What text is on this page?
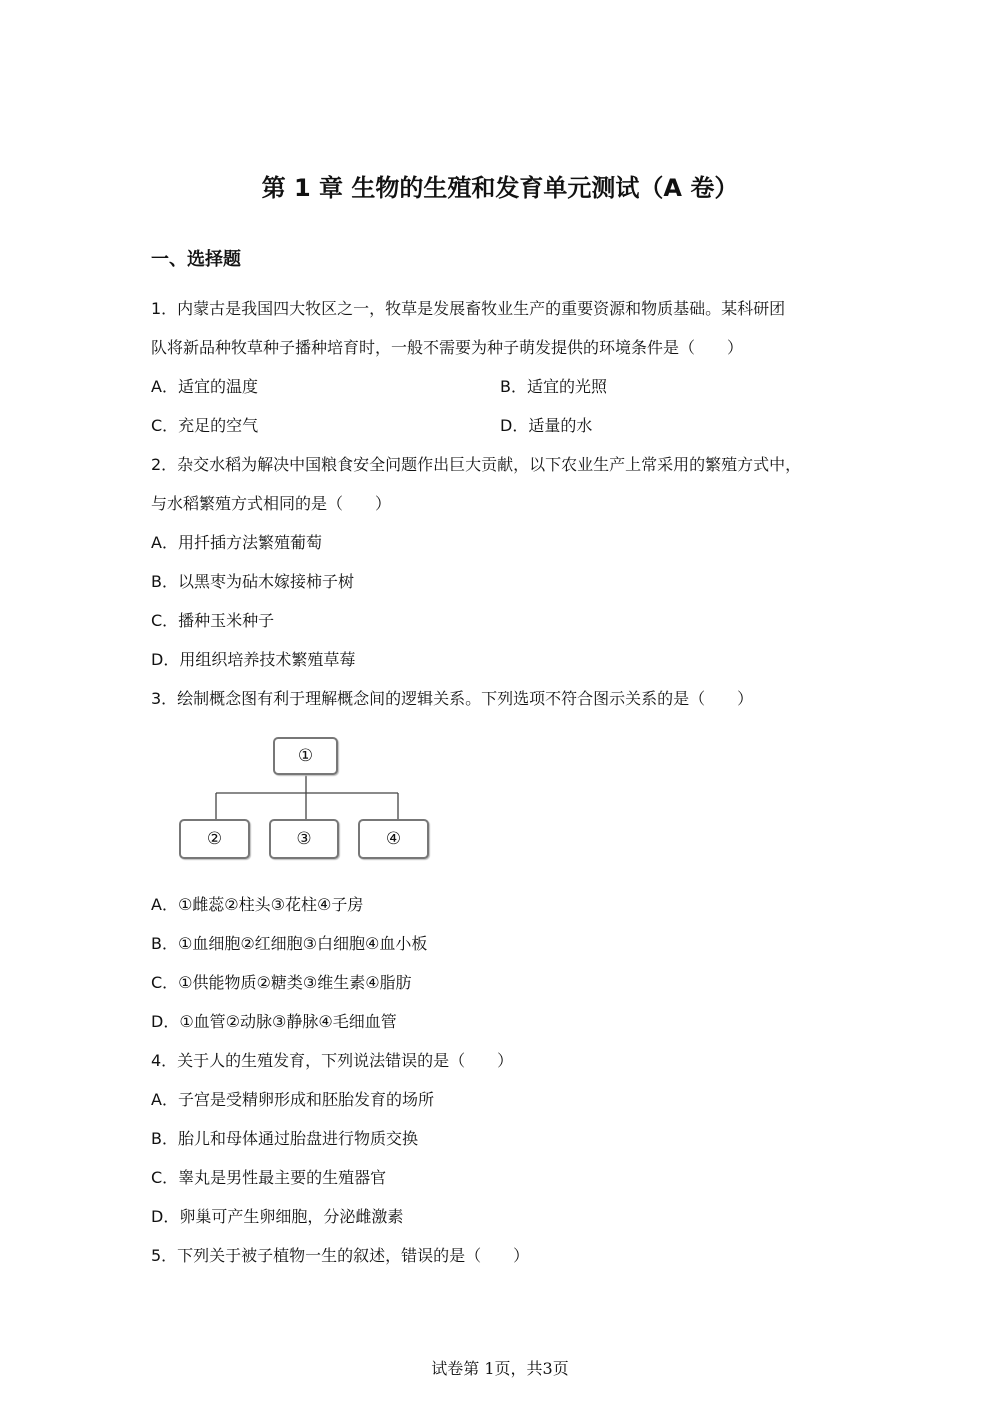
第 1 章 生物的生殖和发育单元测试（A 卷）
一、选择题
1．内蒙古是我国四大牧区之一，牧草是发展畜牧业生产的重要资源和物质基础。某科研团
队将新品种牧草种子播种培育时，一般不需要为种子萌发提供的环境条件是（　　）
A．适宜的温度	B．适宜的光照
C．充足的空气	D．适量的水
2．杂交水稻为解决中国粮食安全问题作出巨大贡献，以下农业生产上常采用的繁殖方式中，
与水稻繁殖方式相同的是（　　）
A．用扦插方法繁殖葡萄
B．以黑枣为砧木嫁接柿子树
C．播种玉米种子
D．用组织培养技术繁殖草莓
3．绘制概念图有利于理解概念间的逻辑关系。下列选项不符合图示关系的是（　　）
①
②	③	④
A．①雌蕊②柱头③花柱④子房
B．①血细胞②红细胞③白细胞④血小板
C．①供能物质②糖类③维生素④脂肪
D．①血管②动脉③静脉④毛细血管
4．关于人的生殖发育，下列说法错误的是（　　）
A．子宫是受精卵形成和胚胎发育的场所
B．胎儿和母体通过胎盘进行物质交换
C．睾丸是男性最主要的生殖器官
D．卵巢可产生卵细胞，分泌雌激素
5．下列关于被子植物一生的叙述，错误的是（　　）
试卷第 1页，共3页
